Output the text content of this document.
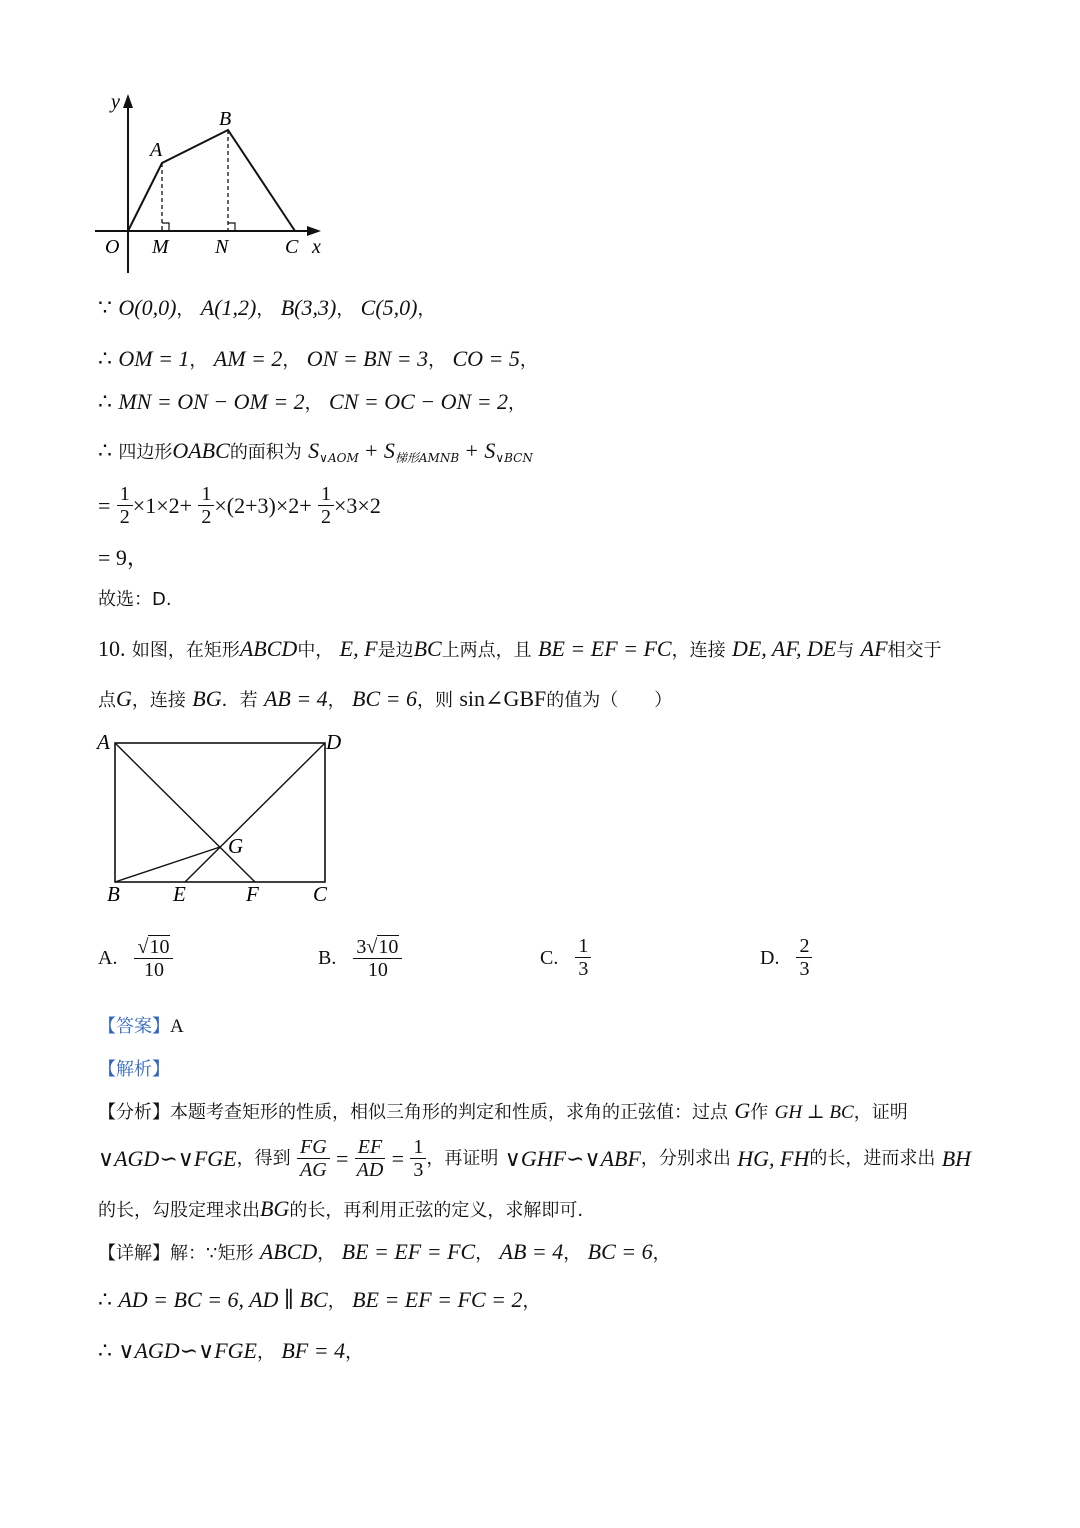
y
A
B
O M N	C x
∵ O(0,0)， A(1,2)， B(3,3)， C(5,0)，
∴ OM = 1， AM = 2， ON = BN = 3， CO = 5，
∴ MN = ON − OM = 2， CN = OC − ON = 2，
∴ 四边形OABC的面积为 $S_{\vee AOM} + S_{梯形AMNB} + S_{\vee BCN}$
= $\frac{1}{2} \times 1\times 2+ \frac{1}{2} \times(2+3)\times 2+ \frac{1}{2} \times 3\times 2$
= 9，
故选：D.
10. 如图，在矩形ABCD中， E, F是边BC上两点，且 BE = EF = FC，连接 DE, AF, DE与 AF相交于
点G，连接 BG．若 AB = 4， BC = 6，则 sin∠GBF的值为（　　）
A	D
G
B	E	F	C
A. $\frac{√10}{10}$	B. $\frac{3√10}{10}$	C. $\frac{1}{3}$	D. $\frac{2}{3}$
【答案】A
【解析】
【分析】本题考查矩形的性质，相似三角形的判定和性质，求角的正弦值：过点 G作 GH ⊥ BC，证明
∨AGD∽∨FGE，得到 $\frac{FG}{AG} = \frac{EF}{AD} = \frac{1}{3}$ ，再证明 ∨GHF∽∨ABF，分别求出 HG, FH的长，进而求出 BH
的长，勾股定理求出BG的长，再利用正弦的定义，求解即可.
【详解】解：∵矩形 ABCD， BE = EF = FC， AB = 4， BC = 6，
∴ AD = BC = 6, AD ∥ BC， BE = EF = FC = 2，
∴ ∨AGD∽∨FGE， BF = 4，
